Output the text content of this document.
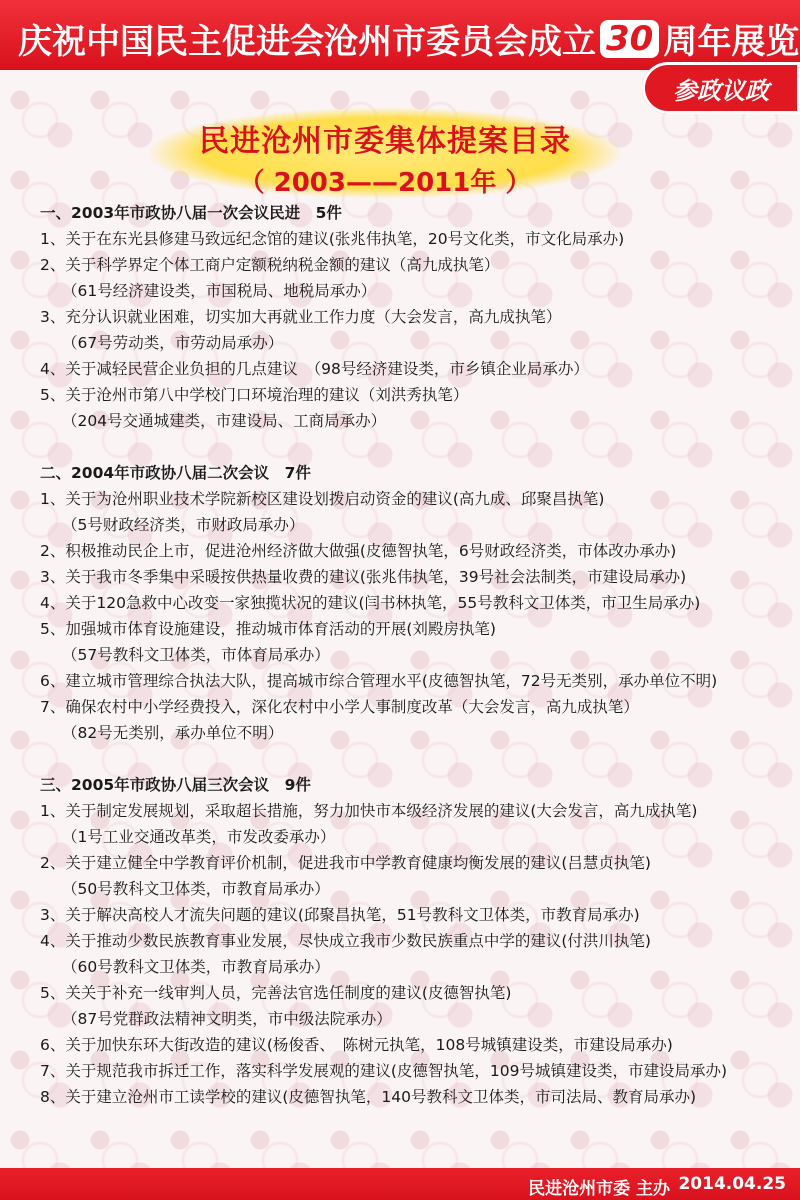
庆祝中国民主促进会沧州市委员会成立 30 周年展览
参政议政
民进沧州市委集体提案目录
（ 2003——2011年 ）
一、2003年市政协八届一次会议民进　5件
1、关于在东光县修建马致远纪念馆的建议(张兆伟执笔，20号文化类，市文化局承办)
2、关于科学界定个体工商户定额税纳税金额的建议（高九成执笔）
（61号经济建设类，市国税局、地税局承办）
3、充分认识就业困难，切实加大再就业工作力度（大会发言，高九成执笔）
（67号劳动类，市劳动局承办）
4、关于减轻民营企业负担的几点建议　（98号经济建设类，市乡镇企业局承办）
5、关于沧州市第八中学校门口环境治理的建议（刘洪秀执笔）
（204号交通城建类，市建设局、工商局承办）
二、2004年市政协八届二次会议　7件
1、关于为沧州职业技术学院新校区建设划拨启动资金的建议(高九成、邱聚昌执笔)
（5号财政经济类，市财政局承办）
2、积极推动民企上市，促进沧州经济做大做强(皮德智执笔，6号财政经济类，市体改办承办)
3、关于我市冬季集中采暖按供热量收费的建议(张兆伟执笔，39号社会法制类，市建设局承办)
4、关于120急救中心改变一家独揽状况的建议(闫书林执笔，55号教科文卫体类，市卫生局承办)
5、加强城市体育设施建设，推动城市体育活动的开展(刘殿房执笔)
（57号教科文卫体类，市体育局承办）
6、建立城市管理综合执法大队，提高城市综合管理水平(皮德智执笔，72号无类别，承办单位不明)
7、确保农村中小学经费投入，深化农村中小学人事制度改革（大会发言，高九成执笔）
（82号无类别，承办单位不明）
三、2005年市政协八届三次会议　9件
1、关于制定发展规划，采取超长措施，努力加快市本级经济发展的建议(大会发言，高九成执笔)
（1号工业交通改革类，市发改委承办）
2、关于建立健全中学教育评价机制，促进我市中学教育健康均衡发展的建议(吕慧贞执笔)
（50号教科文卫体类，市教育局承办）
3、关于解决高校人才流失问题的建议(邱聚昌执笔，51号教科文卫体类，市教育局承办)
4、关于推动少数民族教育事业发展，尽快成立我市少数民族重点中学的建议(付洪川执笔)
（60号教科文卫体类，市教育局承办）
5、关关于补充一线审判人员，完善法官选任制度的建议(皮德智执笔)
（87号党群政法精神文明类，市中级法院承办）
6、关于加快东环大街改造的建议(杨俊香、　陈树元执笔，108号城镇建设类，市建设局承办)
7、关于规范我市拆迁工作，落实科学发展观的建议(皮德智执笔，109号城镇建设类，市建设局承办)
8、关于建立沧州市工读学校的建议(皮德智执笔，140号教科文卫体类，市司法局、教育局承办)
民进沧州市委 主办 2014.04.25
